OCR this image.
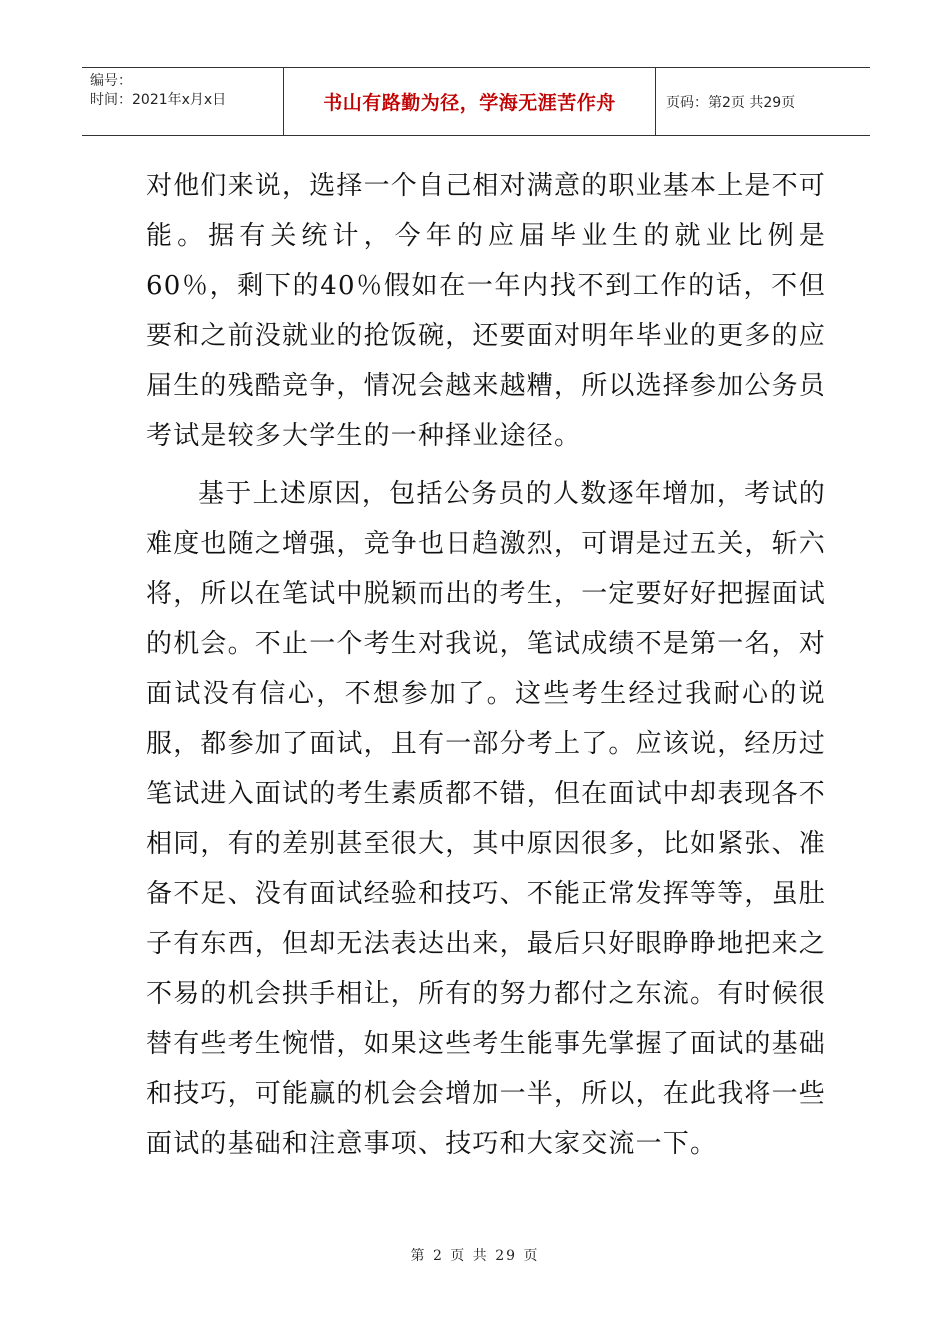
编号：
时间：2021年x月x日	书山有路勤为径，学海无涯苦作舟	页码：第2页 共29页

对他们来说，选择一个自己相对满意的职业基本上是不可能。据有关统计，今年的应届毕业生的就业比例是60％，剩下的40％假如在一年内找不到工作的话，不但要和之前没就业的抢饭碗，还要面对明年毕业的更多的应届生的残酷竞争，情况会越来越糟，所以选择参加公务员考试是较多大学生的一种择业途径。

基于上述原因，包括公务员的人数逐年增加，考试的难度也随之增强，竞争也日趋激烈，可谓是过五关，斩六将，所以在笔试中脱颖而出的考生，一定要好好把握面试的机会。不止一个考生对我说，笔试成绩不是第一名，对面试没有信心，不想参加了。这些考生经过我耐心的说服，都参加了面试，且有一部分考上了。应该说，经历过笔试进入面试的考生素质都不错，但在面试中却表现各不相同，有的差别甚至很大，其中原因很多，比如紧张、准备不足、没有面试经验和技巧、不能正常发挥等等，虽肚子有东西，但却无法表达出来，最后只好眼睁睁地把来之不易的机会拱手相让，所有的努力都付之东流。有时候很替有些考生惋惜，如果这些考生能事先掌握了面试的基础和技巧，可能赢的机会会增加一半，所以，在此我将一些面试的基础和注意事项、技巧和大家交流一下。

第 2 页 共 29 页
